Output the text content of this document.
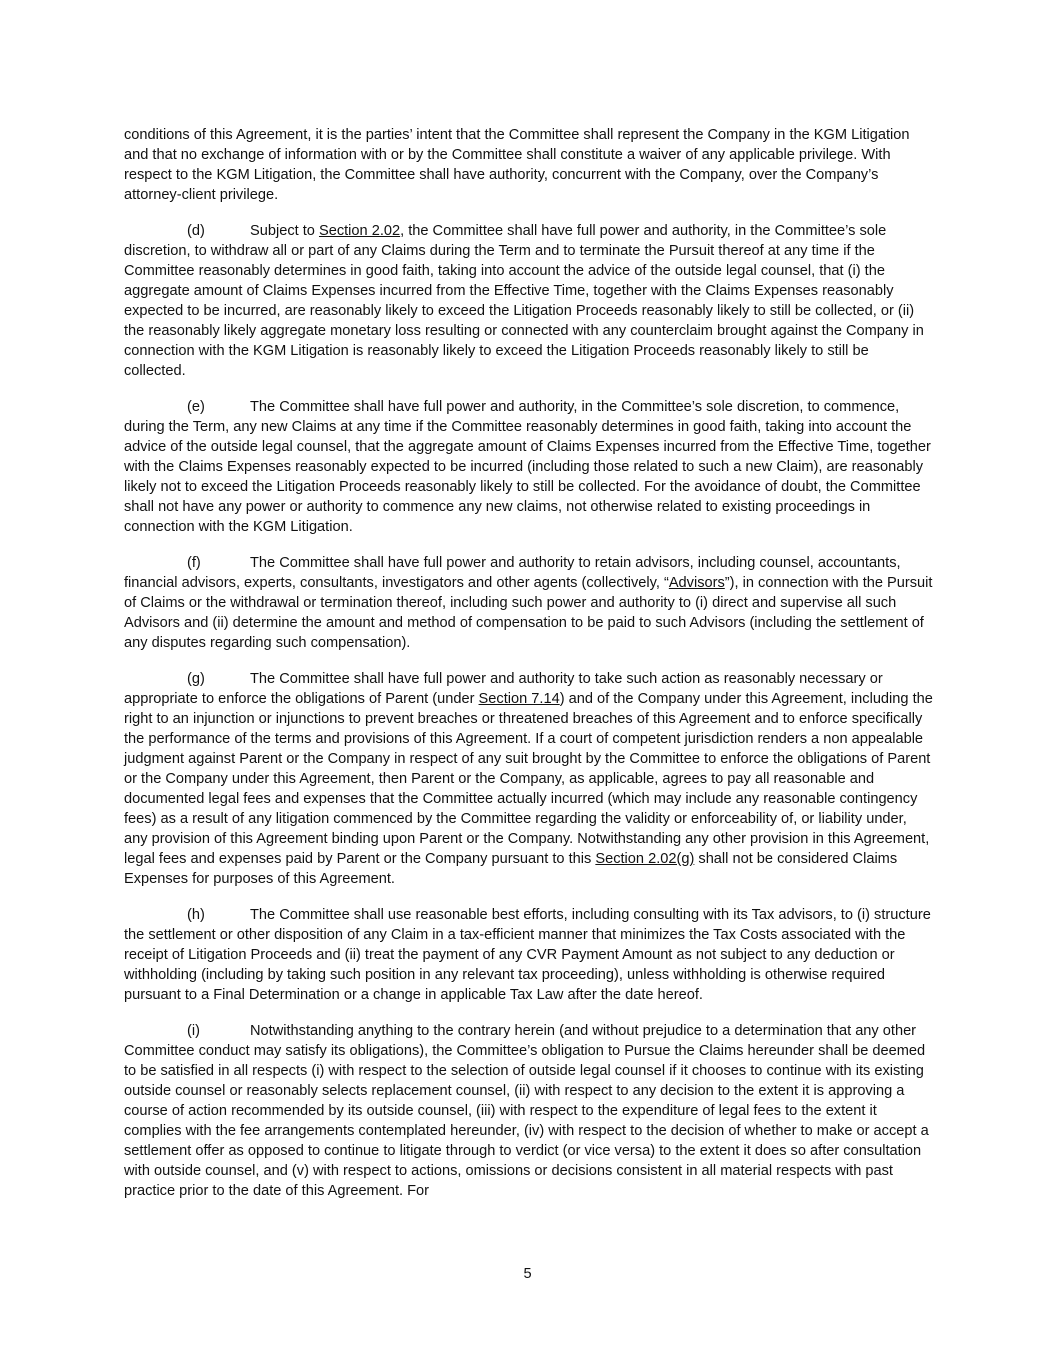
conditions of this Agreement, it is the parties’ intent that the Committee shall represent the Company in the KGM Litigation and that no exchange of information with or by the Committee shall constitute a waiver of any applicable privilege. With respect to the KGM Litigation, the Committee shall have authority, concurrent with the Company, over the Company’s attorney-client privilege.

(d)	Subject to Section 2.02, the Committee shall have full power and authority, in the Committee’s sole discretion, to withdraw all or part of any Claims during the Term and to terminate the Pursuit thereof at any time if the Committee reasonably determines in good faith, taking into account the advice of the outside legal counsel, that (i) the aggregate amount of Claims Expenses incurred from the Effective Time, together with the Claims Expenses reasonably expected to be incurred, are reasonably likely to exceed the Litigation Proceeds reasonably likely to still be collected, or (ii) the reasonably likely aggregate monetary loss resulting or connected with any counterclaim brought against the Company in connection with the KGM Litigation is reasonably likely to exceed the Litigation Proceeds reasonably likely to still be collected.

(e)	The Committee shall have full power and authority, in the Committee’s sole discretion, to commence, during the Term, any new Claims at any time if the Committee reasonably determines in good faith, taking into account the advice of the outside legal counsel, that the aggregate amount of Claims Expenses incurred from the Effective Time, together with the Claims Expenses reasonably expected to be incurred (including those related to such a new Claim), are reasonably likely not to exceed the Litigation Proceeds reasonably likely to still be collected. For the avoidance of doubt, the Committee shall not have any power or authority to commence any new claims, not otherwise related to existing proceedings in connection with the KGM Litigation.

(f)	The Committee shall have full power and authority to retain advisors, including counsel, accountants, financial advisors, experts, consultants, investigators and other agents (collectively, “Advisors”), in connection with the Pursuit of Claims or the withdrawal or termination thereof, including such power and authority to (i) direct and supervise all such Advisors and (ii) determine the amount and method of compensation to be paid to such Advisors (including the settlement of any disputes regarding such compensation).

(g)	The Committee shall have full power and authority to take such action as reasonably necessary or appropriate to enforce the obligations of Parent (under Section 7.14) and of the Company under this Agreement, including the right to an injunction or injunctions to prevent breaches or threatened breaches of this Agreement and to enforce specifically the performance of the terms and provisions of this Agreement. If a court of competent jurisdiction renders a non appealable judgment against Parent or the Company in respect of any suit brought by the Committee to enforce the obligations of Parent or the Company under this Agreement, then Parent or the Company, as applicable, agrees to pay all reasonable and documented legal fees and expenses that the Committee actually incurred (which may include any reasonable contingency fees) as a result of any litigation commenced by the Committee regarding the validity or enforceability of, or liability under, any provision of this Agreement binding upon Parent or the Company. Notwithstanding any other provision in this Agreement, legal fees and expenses paid by Parent or the Company pursuant to this Section 2.02(g) shall not be considered Claims Expenses for purposes of this Agreement.

(h)	The Committee shall use reasonable best efforts, including consulting with its Tax advisors, to (i) structure the settlement or other disposition of any Claim in a tax-efficient manner that minimizes the Tax Costs associated with the receipt of Litigation Proceeds and (ii) treat the payment of any CVR Payment Amount as not subject to any deduction or withholding (including by taking such position in any relevant tax proceeding), unless withholding is otherwise required pursuant to a Final Determination or a change in applicable Tax Law after the date hereof.

(i)	Notwithstanding anything to the contrary herein (and without prejudice to a determination that any other Committee conduct may satisfy its obligations), the Committee’s obligation to Pursue the Claims hereunder shall be deemed to be satisfied in all respects (i) with respect to the selection of outside legal counsel if it chooses to continue with its existing outside counsel or reasonably selects replacement counsel, (ii) with respect to any decision to the extent it is approving a course of action recommended by its outside counsel, (iii) with respect to the expenditure of legal fees to the extent it complies with the fee arrangements contemplated hereunder, (iv) with respect to the decision of whether to make or accept a settlement offer as opposed to continue to litigate through to verdict (or vice versa) to the extent it does so after consultation with outside counsel, and (v) with respect to actions, omissions or decisions consistent in all material respects with past practice prior to the date of this Agreement. For

5
